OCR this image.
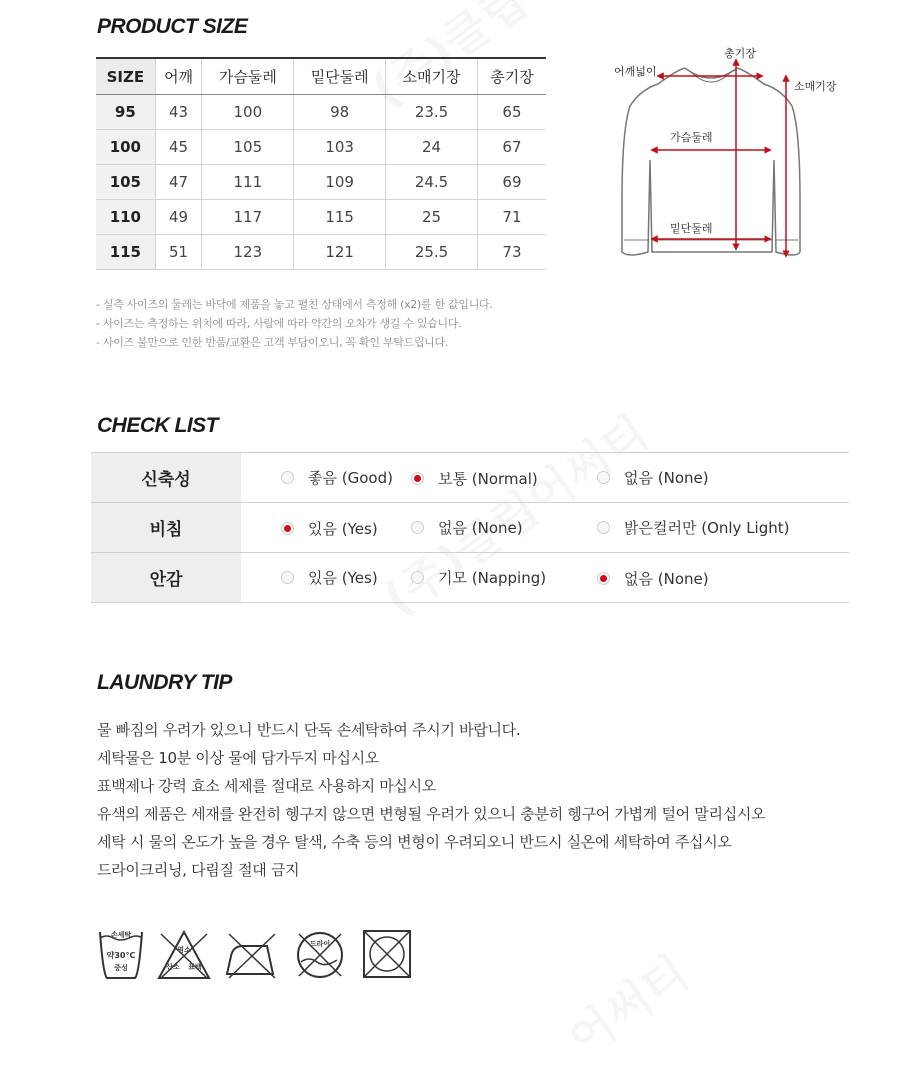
PRODUCT SIZE
SIZE	어깨	가슴둘레	밑단둘레	소매기장	총기장
95	43	100	98	23.5	65
100	45	105	103	24	67
105	47	111	109	24.5	69
110	49	117	115	25	71
115	51	123	121	25.5	73
- 실측 사이즈의 둘레는 바닥에 제품을 놓고 펼친 상태에서 측정해 (x2)를 한 값입니다.
- 사이즈는 측정하는 위치에 따라, 사람에 따라 약간의 오차가 생길 수 있습니다.
- 사이즈 불만으로 인한 반품/교환은 고객 부담이오니, 꼭 확인 부탁드립니다.
총기장
어깨넓이
소매기장
가슴둘레
밑단둘레
CHECK LIST
신축성	좋음 (Good)	보통 (Normal)	없음 (None)

비침	있음 (Yes)	없음 (None)	밝은컬러만 (Only Light)

안감	있음 (Yes)	기모 (Napping)	없음 (None)
LAUNDRY TIP
물 빠짐의 우려가 있으니 반드시 단독 손세탁하여 주시기 바랍니다.
세탁물은 10분 이상 물에 담가두지 마십시오
표백제나 강력 효소 세제를 절대로 사용하지 마십시오
유색의 제품은 세재를 완전히 헹구지 않으면 변형될 우려가 있으니 충분히 헹구어 가볍게 털어 말리십시오
세탁 시 물의 온도가 높을 경우 탈색, 수축 등의 변형이 우려되오니 반드시 실온에 세탁하여 주십시오
드라이크리닝, 다림질 절대 금지
손세탁
약30°C
중성
염소
산소 표백
드라이
